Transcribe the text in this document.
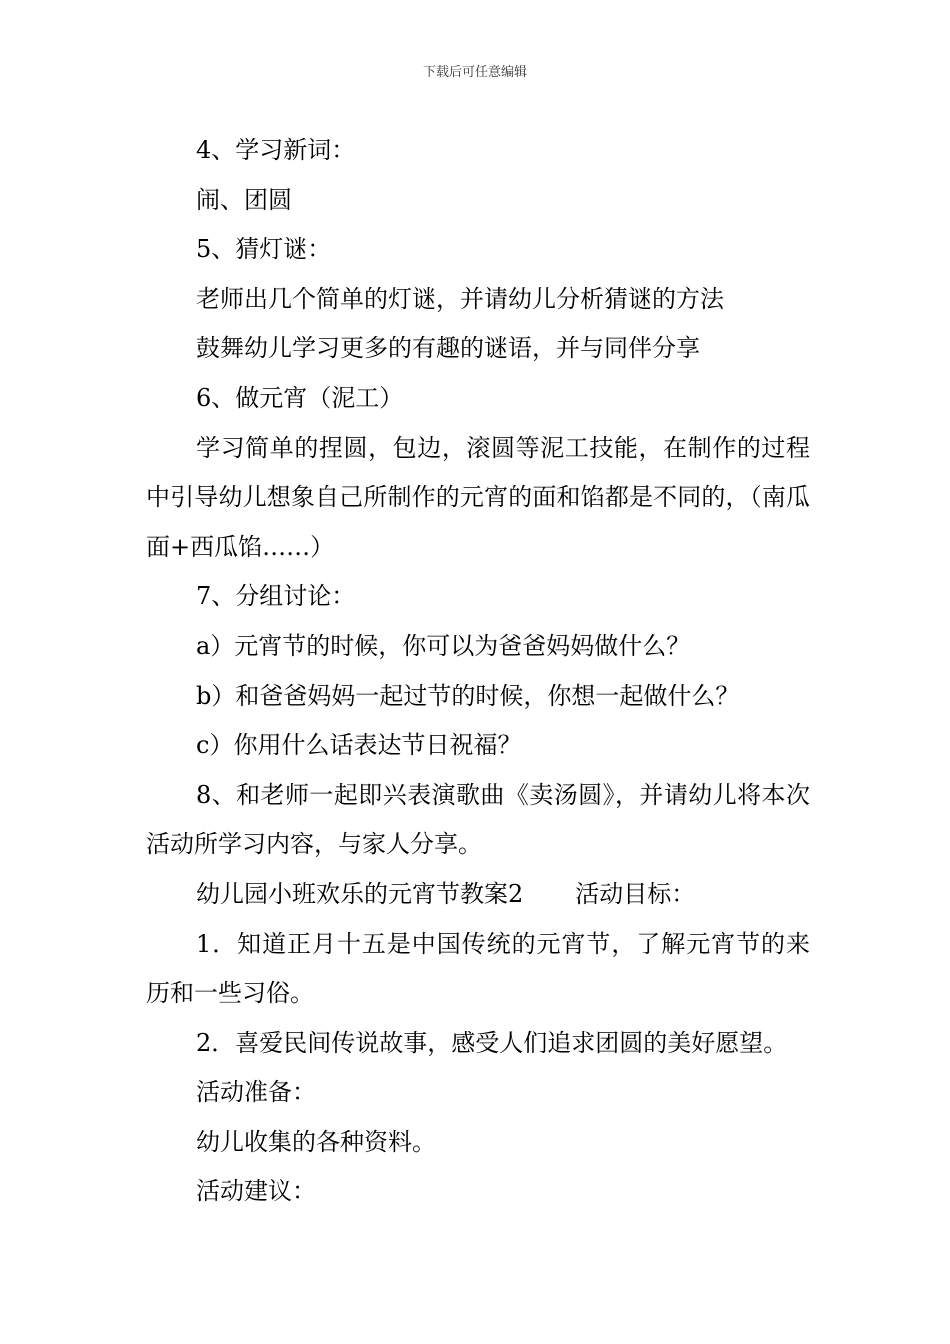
下载后可任意编辑

4、学习新词：

闹、团圆

5、猜灯谜：

老师出几个简单的灯谜，并请幼儿分析猜谜的方法

鼓舞幼儿学习更多的有趣的谜语，并与同伴分享

6、做元宵（泥工）

学习简单的捏圆，包边，滚圆等泥工技能，在制作的过程中引导幼儿想象自己所制作的元宵的面和馅都是不同的，（南瓜面+西瓜馅……）

7、分组讨论：

a）元宵节的时候，你可以为爸爸妈妈做什么？

b）和爸爸妈妈一起过节的时候，你想一起做什么？

c）你用什么话表达节日祝福？

8、和老师一起即兴表演歌曲《卖汤圆》，并请幼儿将本次活动所学习内容，与家人分享。

幼儿园小班欢乐的元宵节教案2 活动目标：

1．知道正月十五是中国传统的元宵节，了解元宵节的来历和一些习俗。

2．喜爱民间传说故事，感受人们追求团圆的美好愿望。

活动准备：

幼儿收集的各种资料。

活动建议：
